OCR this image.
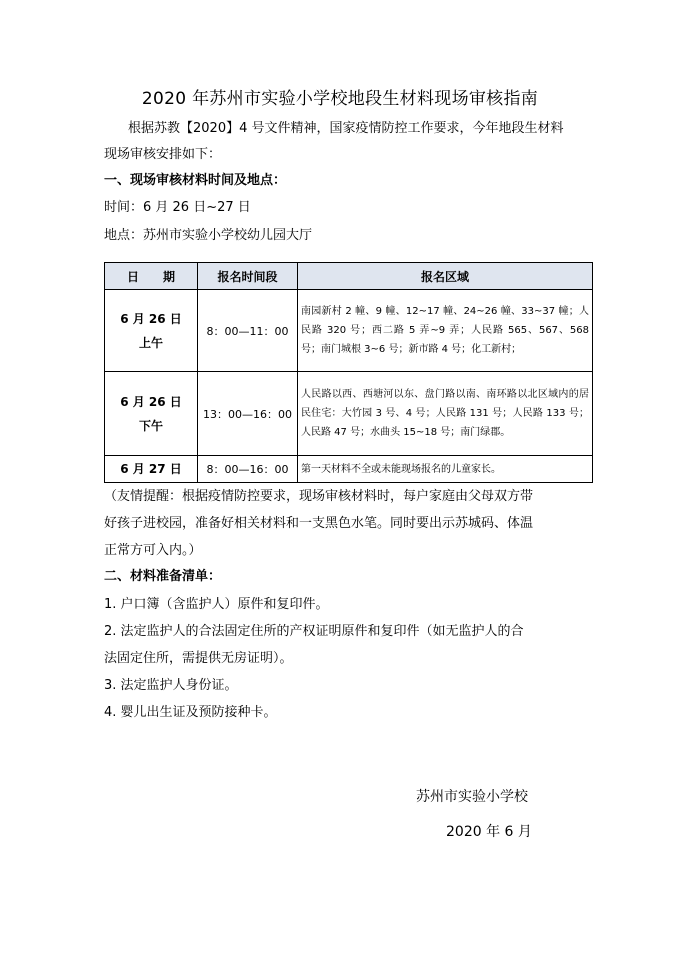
2020 年苏州市实验小学校地段生材料现场审核指南
根据苏教【2020】4 号文件精神，国家疫情防控工作要求，今年地段生材料
现场审核安排如下：
一、现场审核材料时间及地点：
时间：6 月 26 日~27 日
地点：苏州市实验小学校幼儿园大厅
日　　期	报名时间段	报名区域

6 月 26 日
上午	8：00—11：00	南园新村 2 幢、9 幢、12~17 幢、24~26 幢、33~37 幢；人民路 320 号；西二路 5 弄~9 弄；人民路 565、567、568 号；南门城根 3~6 号；新市路 4 号；化工新村；

6 月 26 日
下午	13：00—16：00	人民路以西、西塘河以东、盘门路以南、南环路以北区域内的居民住宅：大竹园 3 号、4 号；人民路 131 号；人民路 133 号；人民路 47 号；水曲头 15~18 号；南门绿郡。

6 月 27 日	8：00—16：00	第一天材料不全或未能现场报名的儿童家长。
（友情提醒：根据疫情防控要求，现场审核材料时，每户家庭由父母双方带
好孩子进校园，准备好相关材料和一支黑色水笔。同时要出示苏城码、体温
正常方可入内。）
二、材料准备清单：
1. 户口簿（含监护人）原件和复印件。
2. 法定监护人的合法固定住所的产权证明原件和复印件（如无监护人的合
法固定住所，需提供无房证明）。
3. 法定监护人身份证。
4. 婴儿出生证及预防接种卡。
苏州市实验小学校
2020 年 6 月
